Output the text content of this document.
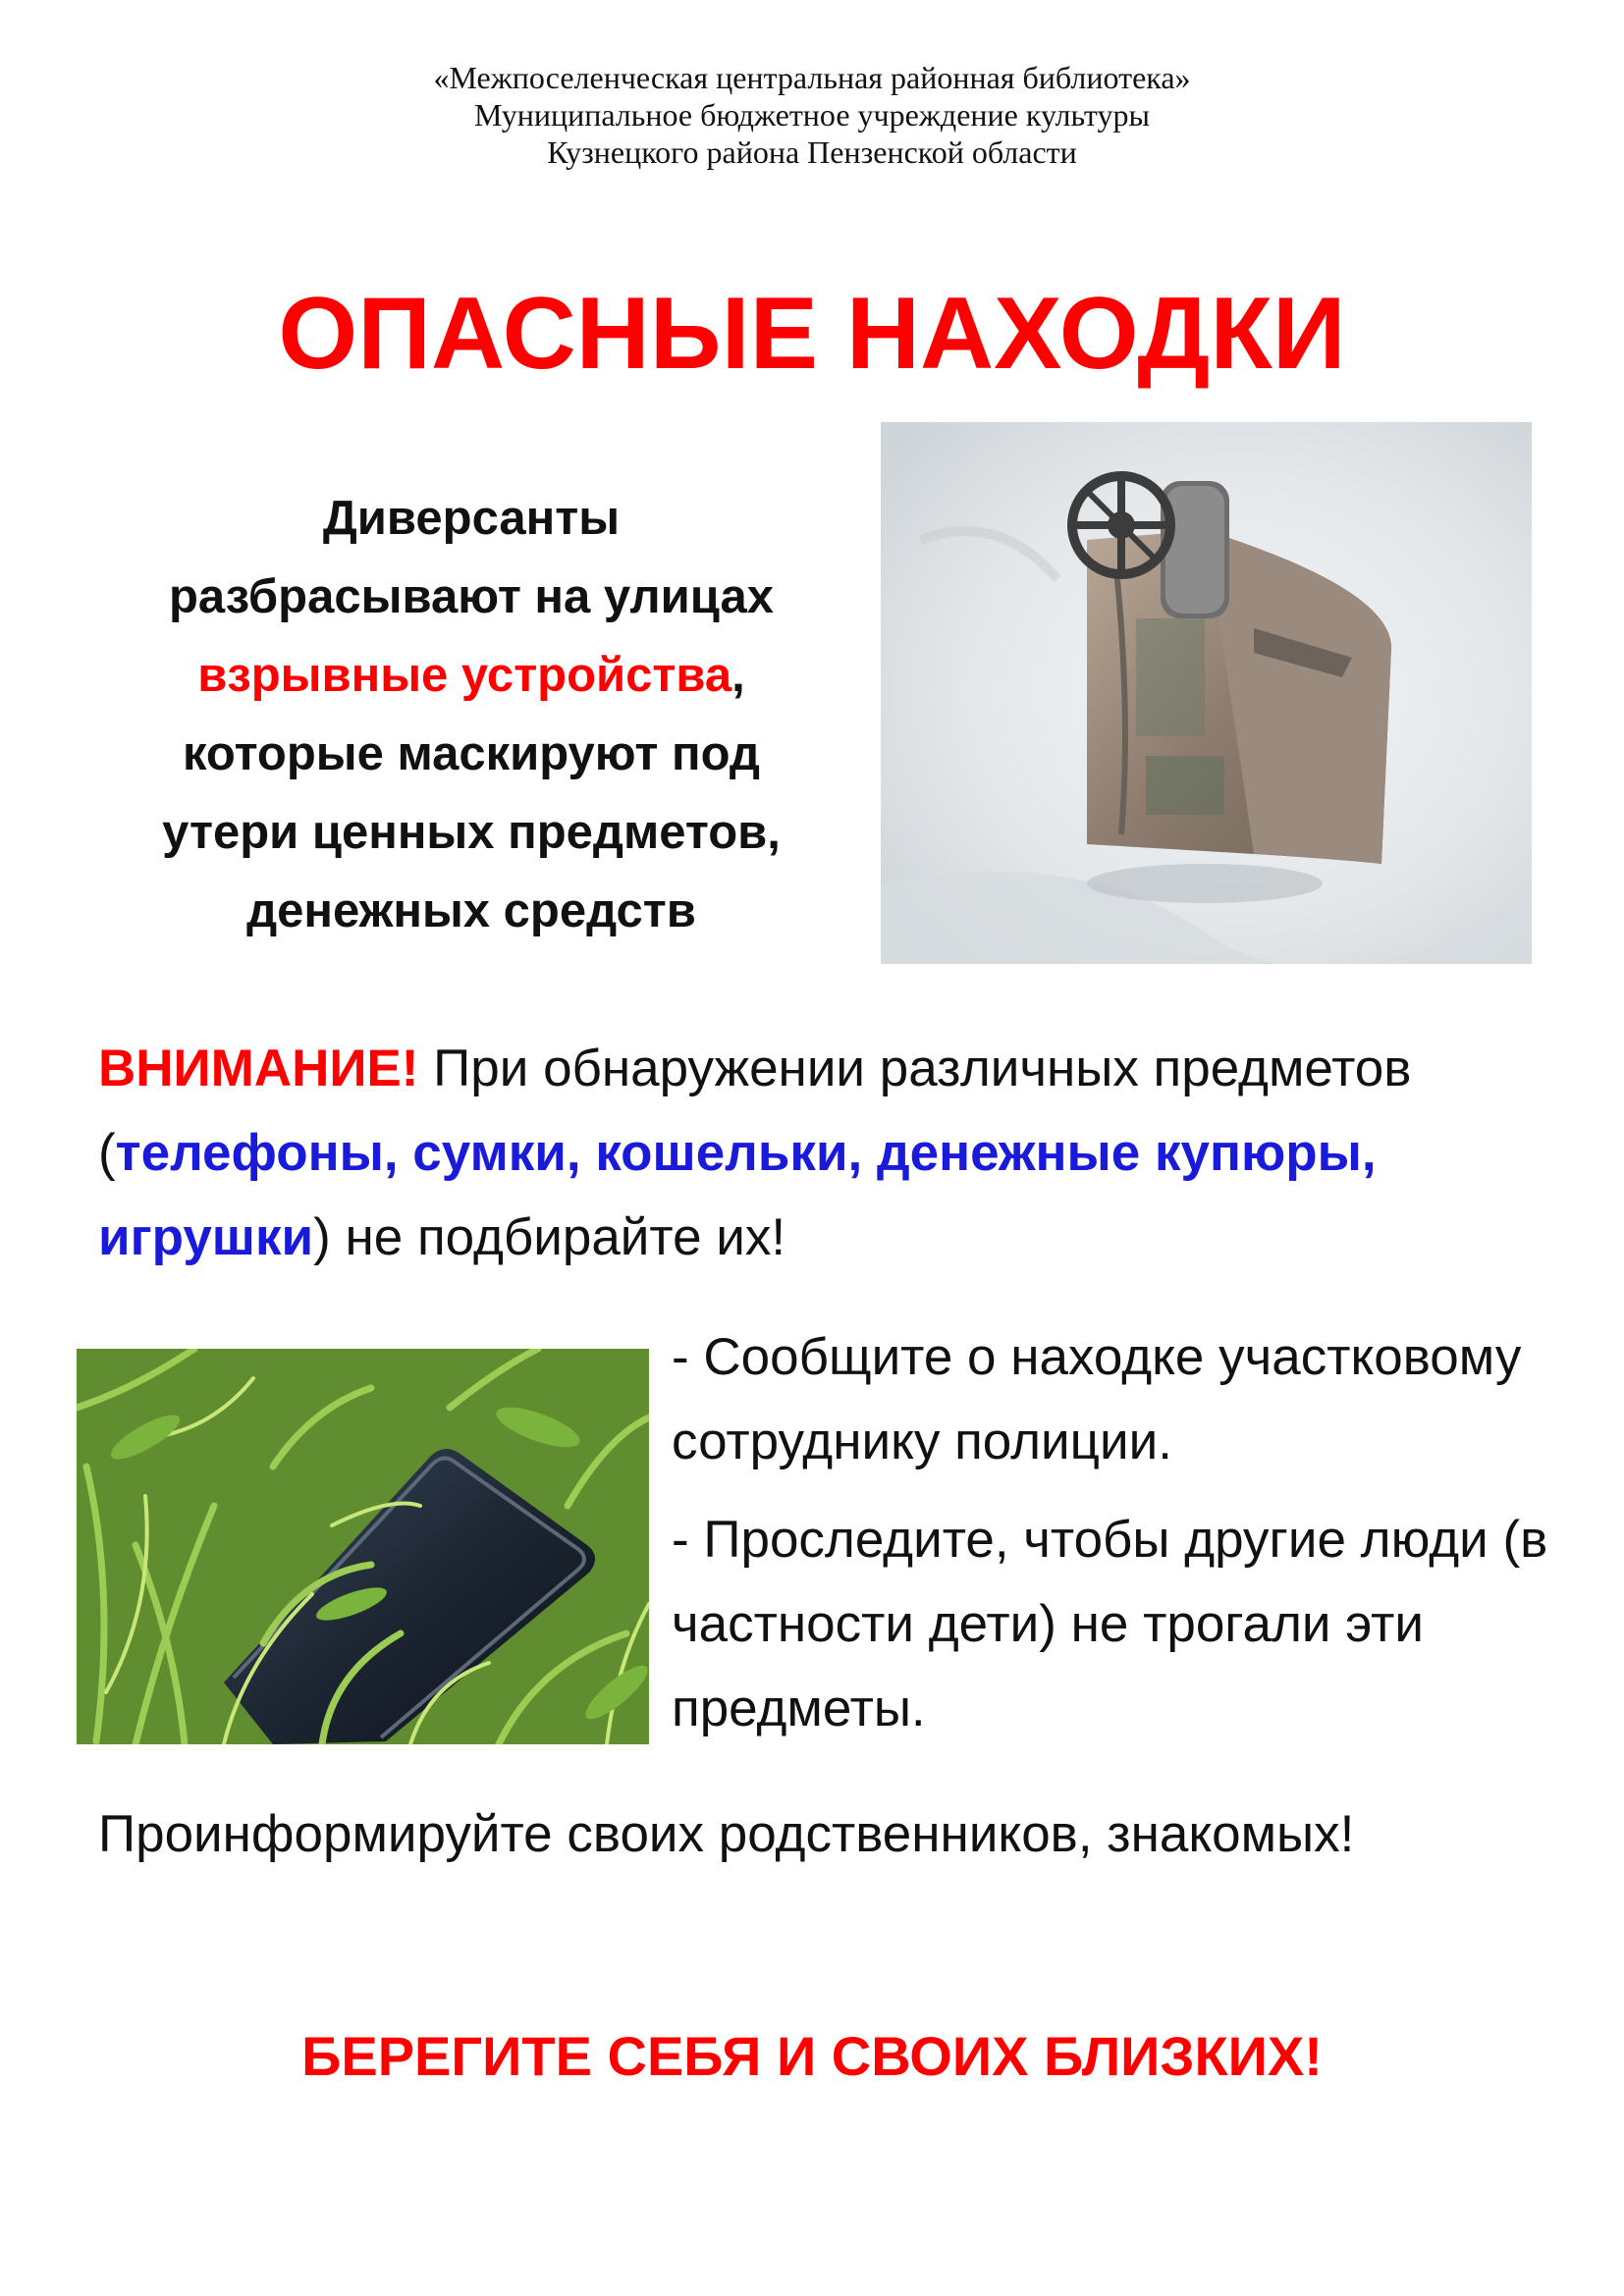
«Межпоселенческая центральная районная библиотека»
Муниципальное бюджетное учреждение культуры
Кузнецкого района Пензенской области
ОПАСНЫЕ НАХОДКИ
Диверсанты
разбрасывают на улицах
взрывные устройства,
которые маскируют под
утери ценных предметов,
денежных средств
ВНИМАНИЕ! При обнаружении различных предметов (телефоны, сумки, кошельки, денежные купюры, игрушки) не подбирайте их!

- Сообщите о находке участковому сотруднику полиции.

- Проследите, чтобы другие люди (в частности дети) не трогали эти предметы.

Проинформируйте своих родственников, знакомых!
БЕРЕГИТЕ СЕБЯ И СВОИХ БЛИЗКИХ!
